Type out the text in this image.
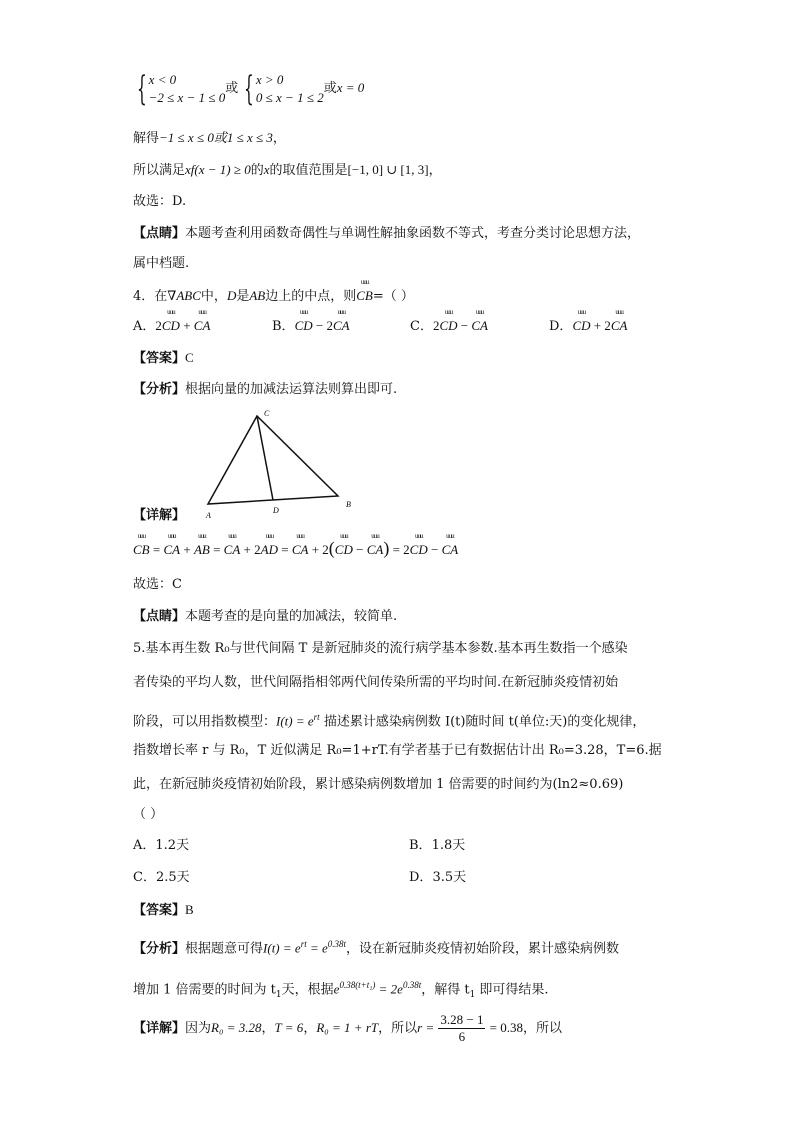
{ x < 0
−2 ≤ x − 1 ≤ 0或 { x > 0
0 ≤ x − 1 ≤ 2或x = 0
解得−1 ≤ x ≤ 0或1 ≤ x ≤ 3，
所以满足xf(x − 1) ≥ 0的x的取值范围是[−1, 0] ∪ [1, 3]，
故选：D.
【点睛】本题考查利用函数奇偶性与单调性解抽象函数不等式，考查分类讨论思想方法，
属中档题.
4．在∇ABC中，D是AB边上的中点，则uuu CB=（ ）
A．2uuu CD + uuu CA	B．uuu CD − 2uuu CA	C．2uuu CD − uuu CA	D．uuu CD + 2uuu CA
【答案】C
【分析】根据向量的加减法运算法则算出即可.
C
A
D
B
【详解】
uuu CB = uuu CA + uuu AB = uuu CA + 2uuu AD = uuu CA + 2(uuu CD − uuu CA) = 2uuu CD − uuu CA
故选：C
【点睛】本题考查的是向量的加减法，较简单.
5.基本再生数 R₀与世代间隔 T 是新冠肺炎的流行病学基本参数.基本再生数指一个感染
者传染的平均人数，世代间隔指相邻两代间传染所需的平均时间.在新冠肺炎疫情初始
阶段，可以用指数模型：$I(t) = e^{rt}$ 描述累计感染病例数 I(t)随时间 t(单位:天)的变化规律，
指数增长率 r 与 R₀，T 近似满足 R₀=1+rT.有学者基于已有数据估计出 R₀=3.28，T=6.据
此，在新冠肺炎疫情初始阶段，累计感染病例数增加 1 倍需要的时间约为(ln2≈0.69)
（ ）
A．1.2天	B．1.8天
C．2.5天	D．3.5天
【答案】B
【分析】根据题意可得$I(t) = e^{rt} = e^{0.38t}$，设在新冠肺炎疫情初始阶段，累计感染病例数
增加 1 倍需要的时间为 $t_1$天，根据$e^{0.38(t+t_1)} = 2e^{0.38t}$，解得 $t_1$ 即可得结果.
【详解】因为R₀ = 3.28，T = 6，R₀ = 1 + rT，所以$r = \frac{3.28 - 1}{6} = 0.38$，所以
